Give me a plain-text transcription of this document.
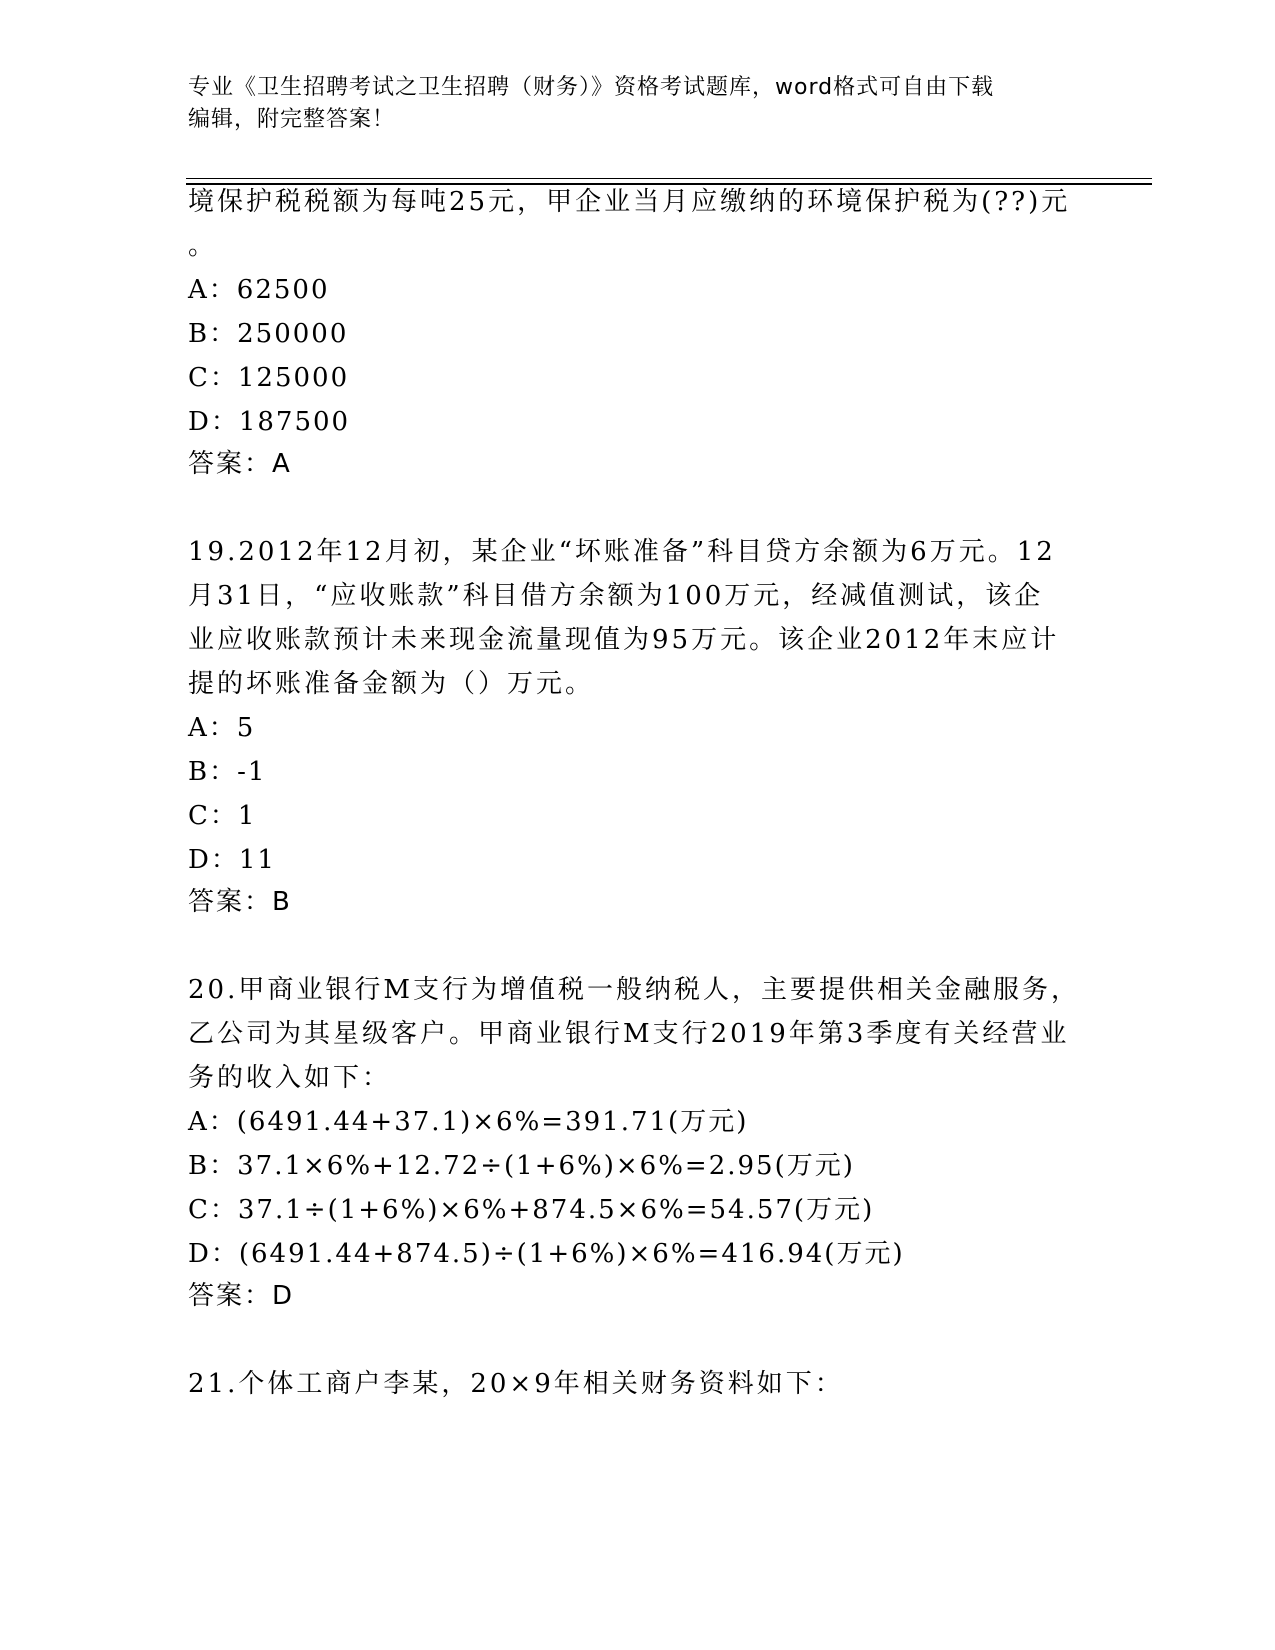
专业《卫生招聘考试之卫生招聘（财务）》资格考试题库，word格式可自由下载
编辑，附完整答案！
境保护税税额为每吨25元，甲企业当月应缴纳的环境保护税为(??)元
。
A：62500
B：250000
C：125000
D：187500
答案：A
19.2012年12月初，某企业“坏账准备”科目贷方余额为6万元。12
月31日，“应收账款”科目借方余额为100万元，经减值测试，该企
业应收账款预计未来现金流量现值为95万元。该企业2012年末应计
提的坏账准备金额为（）万元。
A：5
B：-1
C：1
D：11
答案：B
20.甲商业银行M支行为增值税一般纳税人，主要提供相关金融服务，
乙公司为其星级客户。甲商业银行M支行2019年第3季度有关经营业
务的收入如下：
A：(6491.44+37.1)×6%=391.71(万元)
B：37.1×6%+12.72÷(1+6%)×6%=2.95(万元)
C：37.1÷(1+6%)×6%+874.5×6%=54.57(万元)
D：(6491.44+874.5)÷(1+6%)×6%=416.94(万元)
答案：D
21.个体工商户李某，20×9年相关财务资料如下：
